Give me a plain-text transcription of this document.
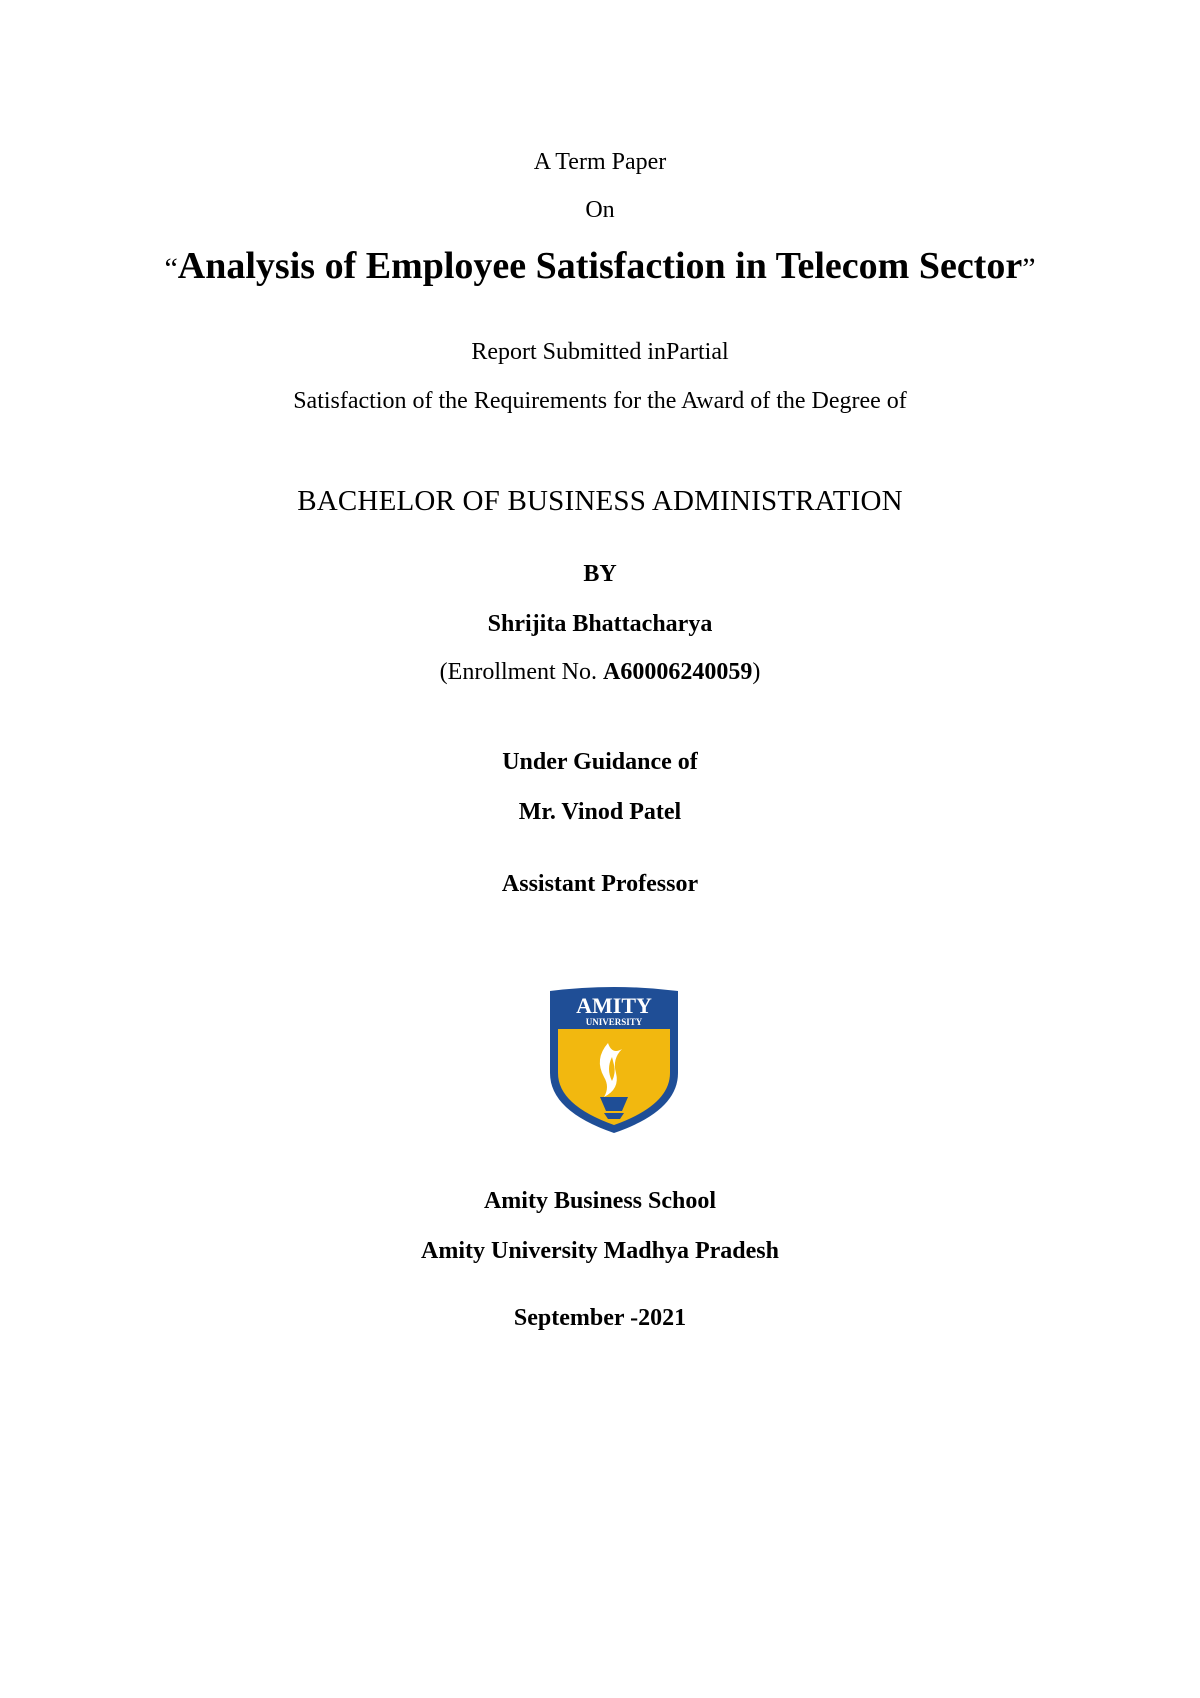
A Term Paper
On
“Analysis of Employee Satisfaction in Telecom Sector”
Report Submitted inPartial
Satisfaction of the Requirements for the Award of the Degree of
BACHELOR OF BUSINESS ADMINISTRATION
BY
Shrijita Bhattacharya
(Enrollment No. A60006240059)
Under Guidance of
Mr. Vinod Patel
Assistant Professor
AMITY
UNIVERSITY
Amity Business School
Amity University Madhya Pradesh
September -2021
